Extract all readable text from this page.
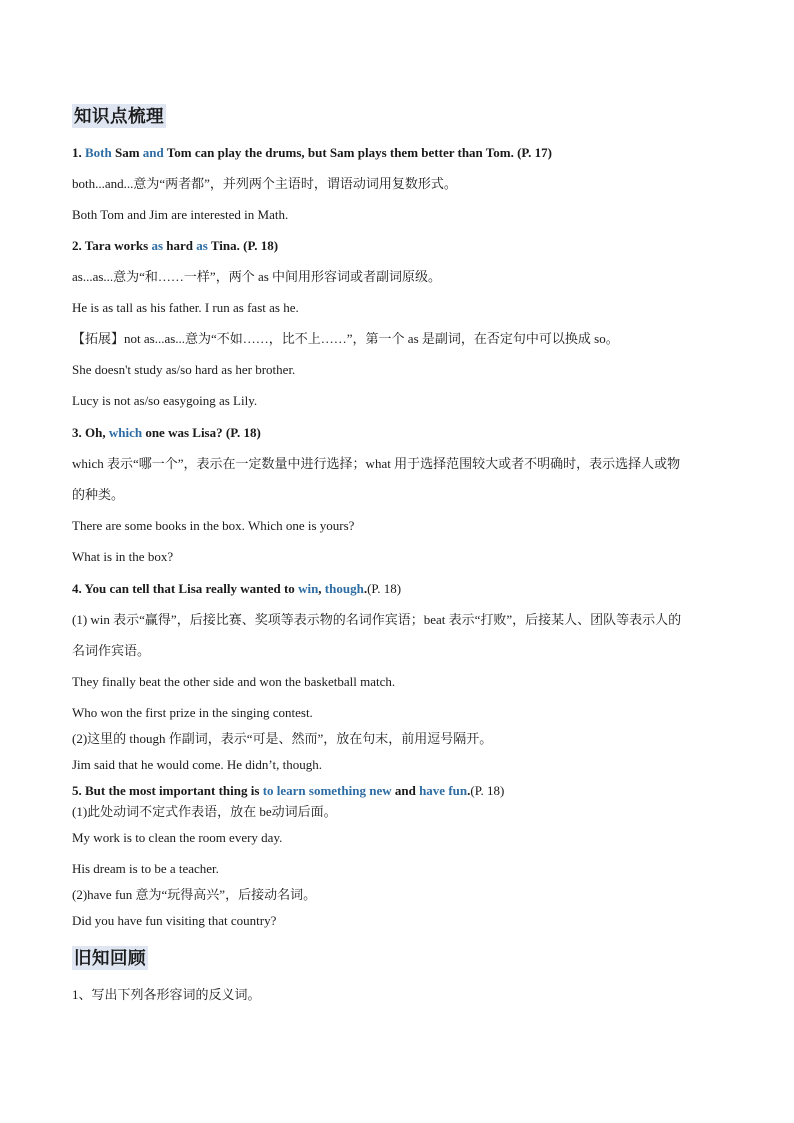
知识点梳理
1. Both Sam and Tom can play the drums, but Sam plays them better than Tom. (P. 17)
both...and...意为“两者都”，并列两个主语时，谓语动词用复数形式。
Both Tom and Jim are interested in Math.
2. Tara works as hard as Tina. (P. 18)
as...as...意为“和……一样”，两个 as 中间用形容词或者副词原级。
He is as tall as his father. I run as fast as he.
【拓展】not as...as...意为“不如……，比不上……”，第一个 as 是副词，在否定句中可以换成 so。
She doesn't study as/so hard as her brother.
Lucy is not as/so easygoing as Lily.
3. Oh, which one was Lisa? (P. 18)
which 表示“哪一个”，表示在一定数量中进行选择；what 用于选择范围较大或者不明确时，表示选择人或物
的种类。
There are some books in the box. Which one is yours?
What is in the box?
4. You can tell that Lisa really wanted to win, though.(P. 18)
(1) win 表示“赢得”，后接比赛、奖项等表示物的名词作宾语；beat 表示“打败”，后接某人、团队等表示人的
名词作宾语。
They finally beat the other side and won the basketball match.
Who won the first prize in the singing contest.
(2)这里的 though 作副词，表示“可是、然而”，放在句末，前用逗号隔开。
Jim said that he would come. He didn’t, though.
5. But the most important thing is to learn something new and have fun.(P. 18)
(1)此处动词不定式作表语，放在 be动词后面。
My work is to clean the room every day.
His dream is to be a teacher.
(2)have fun 意为“玩得高兴”，后接动名词。
Did you have fun visiting that country?
旧知回顾
1、写出下列各形容词的反义词。
